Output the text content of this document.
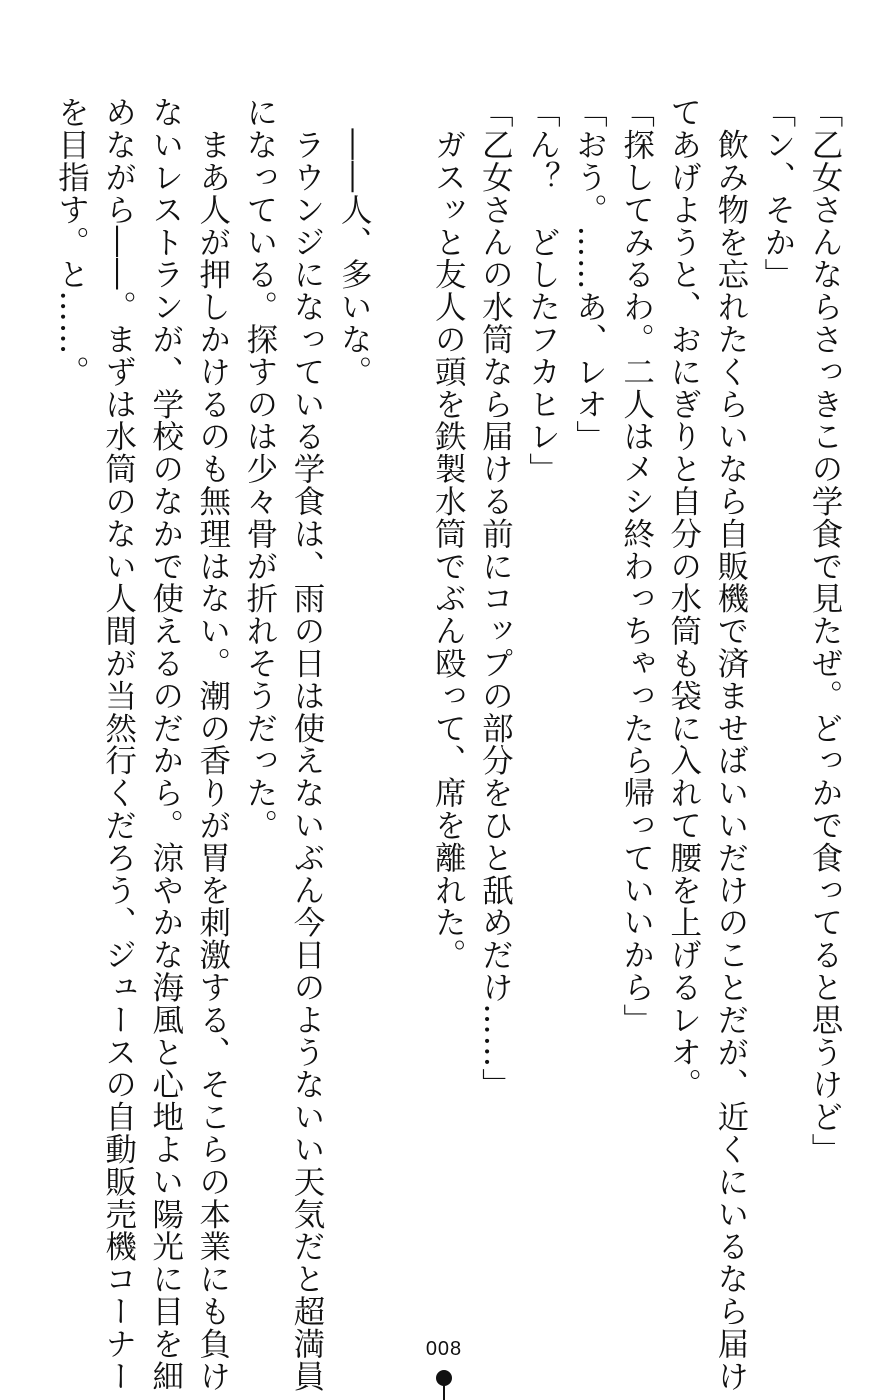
「乙女さんならさっきこの学食で見たぜ。どっかで食ってると思うけど」
「ン、そか」
　飲み物を忘れたくらいなら自販機で済ませばいいだけのことだが、近くにいるなら届け
てあげようと、おにぎりと自分の水筒も袋に入れて腰を上げるレオ。
「探してみるわ。二人はメシ終わっちゃったら帰っていいから」
「おう。……あ、レオ」
「ん？　どしたフカヒレ」
「乙女さんの水筒なら届ける前にコップの部分をひと舐めだけ……」
　ガスッと友人の頭を鉄製水筒でぶん殴って、席を離れた。
　――人、多いな。
　ラウンジになっている学食は、雨の日は使えないぶん今日のようないい天気だと超満員
になっている。探すのは少々骨が折れそうだった。
　まあ人が押しかけるのも無理はない。潮の香りが胃を刺激する、そこらの本業にも負け
ないレストランが、学校のなかで使えるのだから。涼やかな海風と心地よい陽光に目を細
めながら――。まずは水筒のない人間が当然行くだろう、ジュースの自動販売機コーナー
を目指す。と……。
008
